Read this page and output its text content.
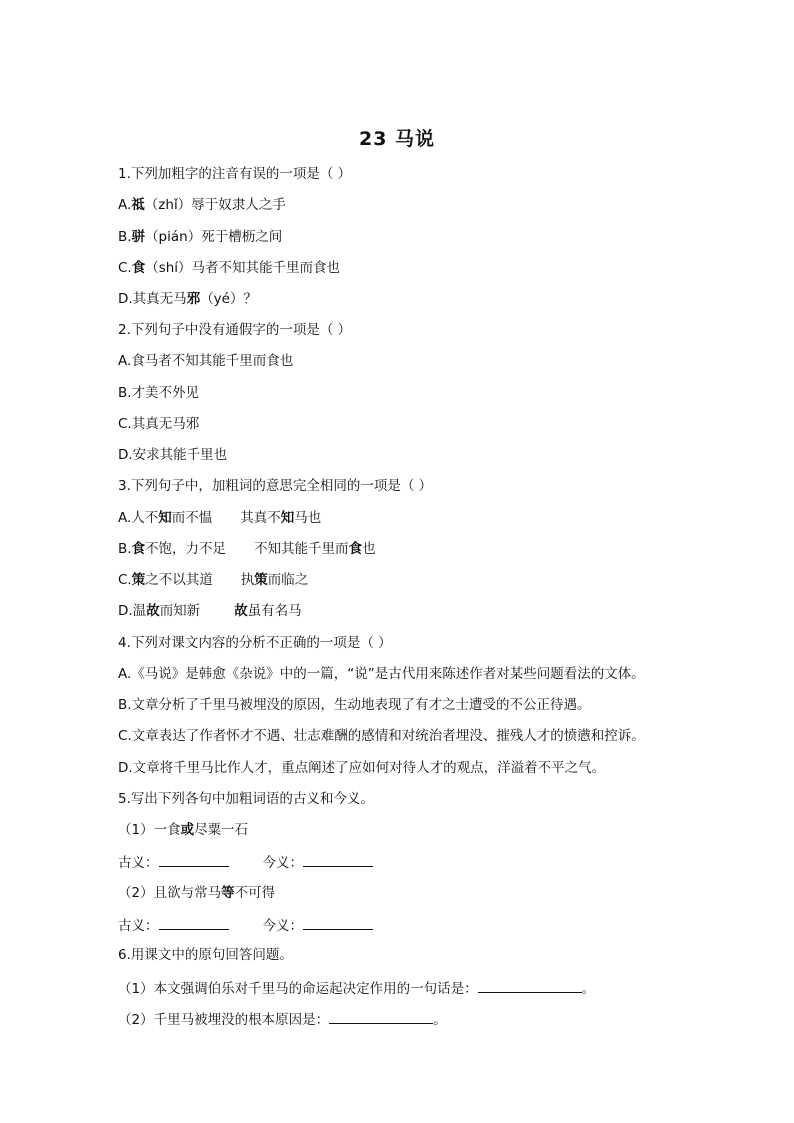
23 马说
1.下列加粗字的注音有误的一项是（ ）
A.祗（zhǐ）辱于奴隶人之手
B.骈（pián）死于槽枥之间
C.食（shí）马者不知其能千里而食也
D.其真无马邪（yé）？
2.下列句子中没有通假字的一项是（ ）
A.食马者不知其能千里而食也
B.才美不外见
C.其真无马邪
D.安求其能千里也
3.下列句子中，加粗词的意思完全相同的一项是（ ）
A.人不知而不愠 其真不知马也
B.食不饱，力不足 不知其能千里而食也
C.策之不以其道 执策而临之
D.温故而知新	故虽有名马
4.下列对课文内容的分析不正确的一项是（ ）
A.《马说》是韩愈《杂说》中的一篇，“说”是古代用来陈述作者对某些问题看法的文体。
B.文章分析了千里马被埋没的原因，生动地表现了有才之士遭受的不公正待遇。
C.文章表达了作者怀才不遇、壮志难酬的感情和对统治者埋没、摧残人才的愤懑和控诉。
D.文章将千里马比作人才，重点阐述了应如何对待人才的观点，洋溢着不平之气。
5.写出下列各句中加粗词语的古义和今义。
（1）一食或尽粟一石
古义：	今义：
（2）且欲与常马等不可得
古义：	今义：
6.用课文中的原句回答问题。
（1）本文强调伯乐对千里马的命运起决定作用的一句话是：	。
（2）千里马被埋没的根本原因是：	。
